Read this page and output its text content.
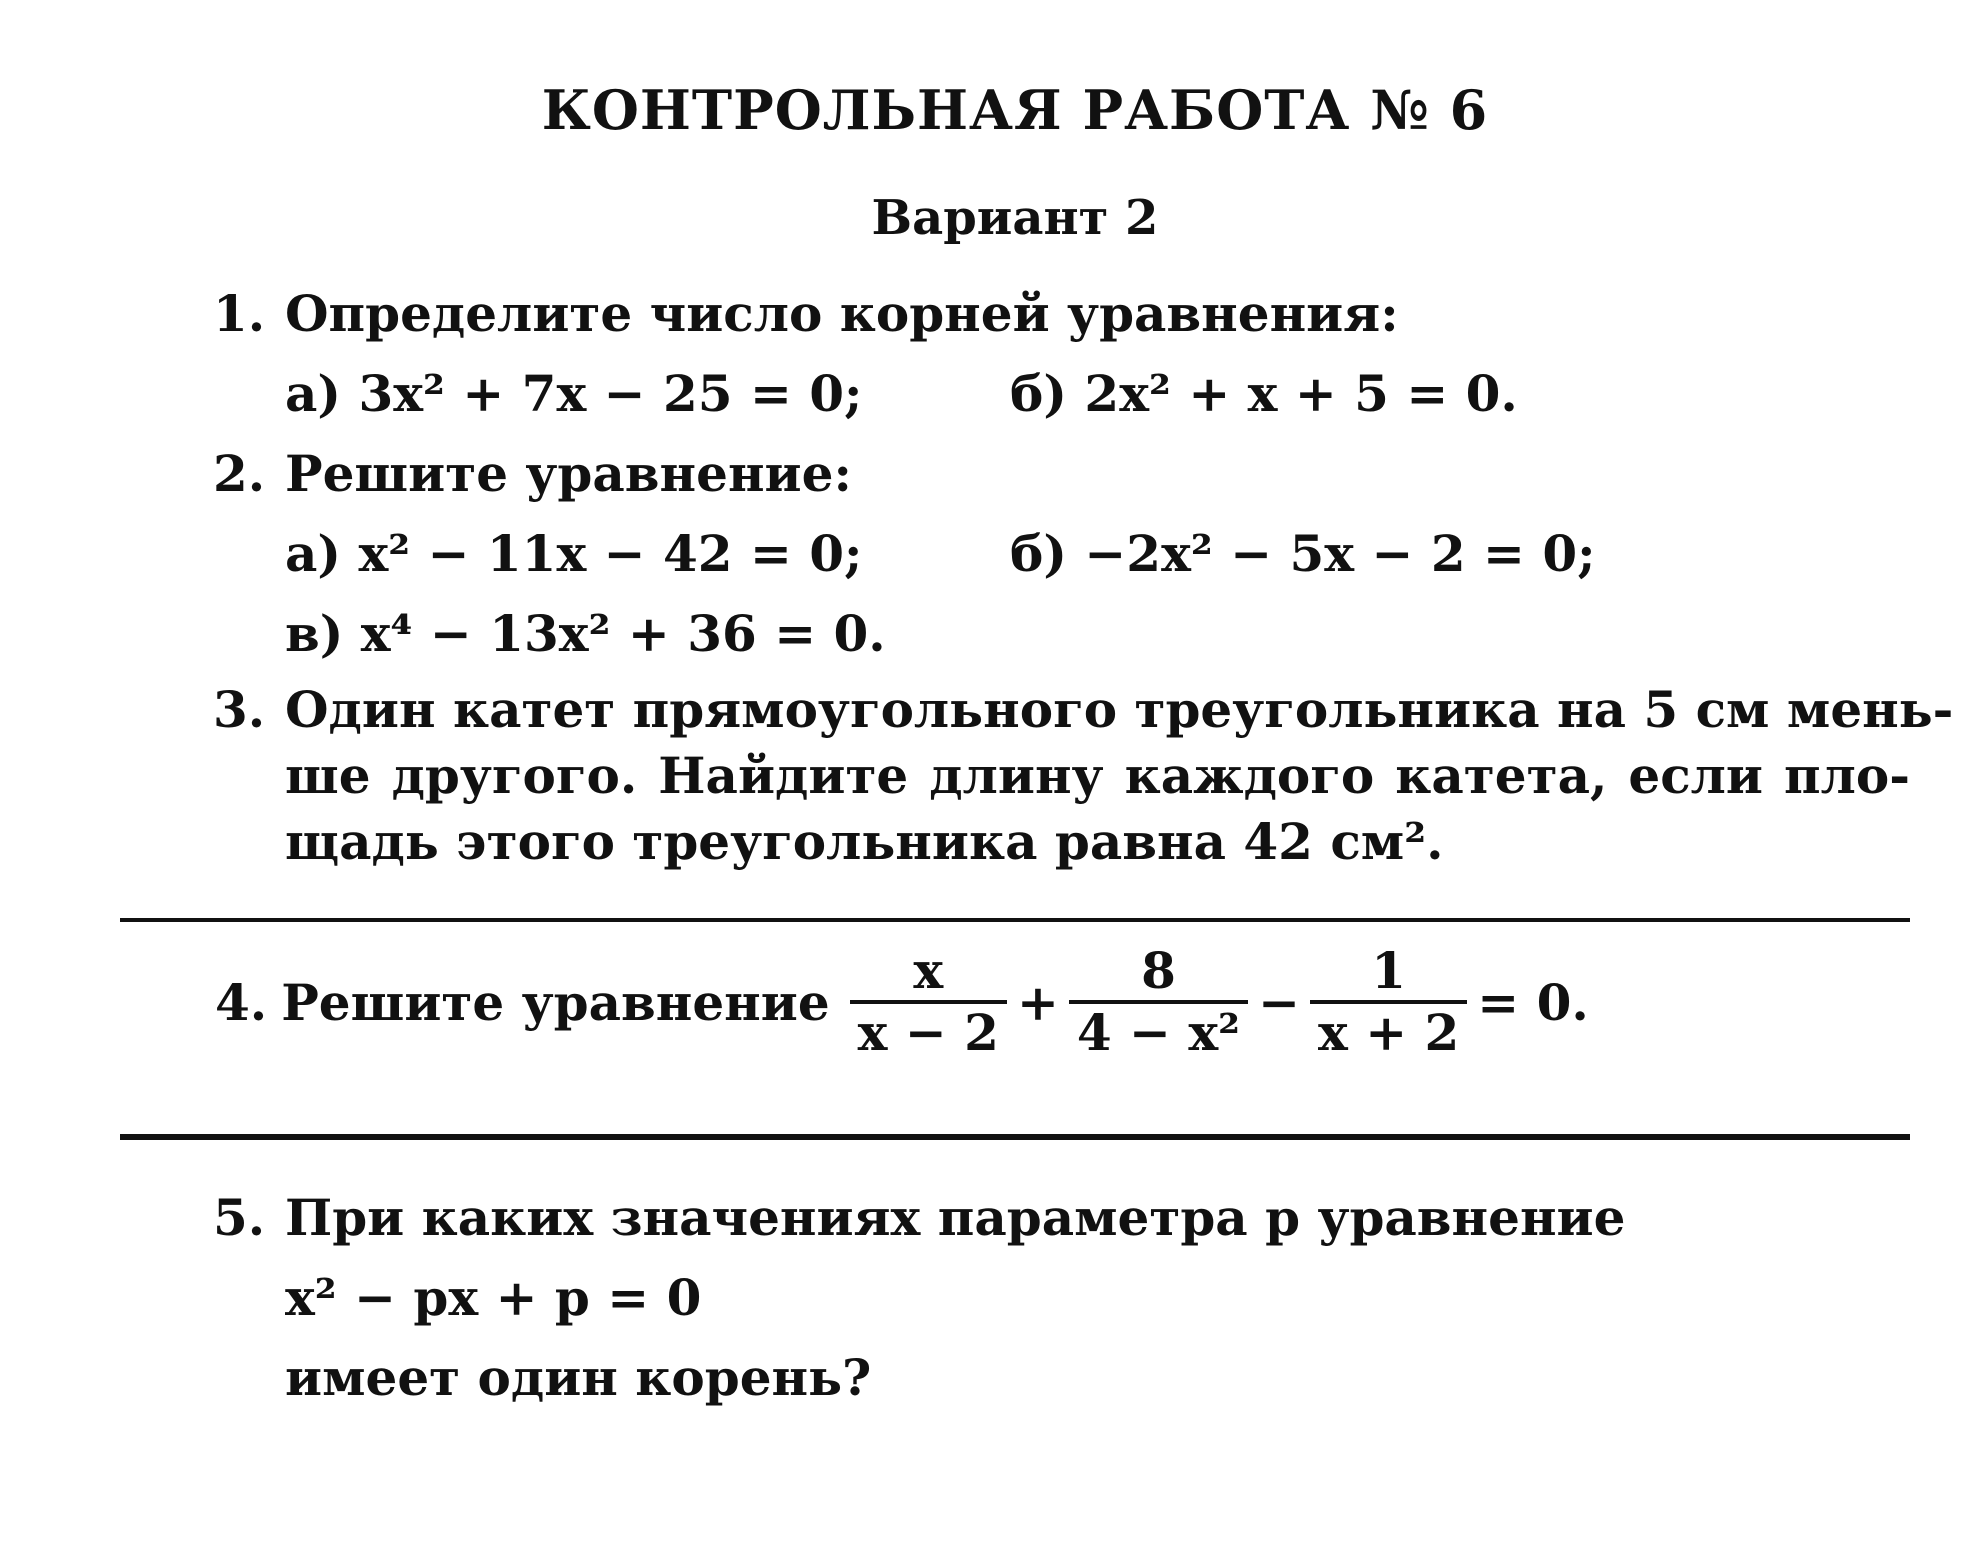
КОНТРОЛЬНАЯ РАБОТА № 6
Вариант 2
1. Определите число корней уравнения:
а) 3x² + 7x − 25 = 0;	б) 2x² + x + 5 = 0.
2. Решите уравнение:
а) x² − 11x − 42 = 0;	б) −2x² − 5x − 2 = 0;
в) x⁴ − 13x² + 36 = 0.
3. Один катет прямоугольного треугольника на 5 см мень-
ше другого. Найдите длину каждого катета, если пло-
щадь этого треугольника равна 42 см².
4. Решите уравнение $\frac{x}{x - 2} + \frac{8}{\text{4 − x²}} - \frac{1}{x + 2} = 0$.
5. При каких значениях параметра p уравнение
x² − px + p = 0
имеет один корень?
